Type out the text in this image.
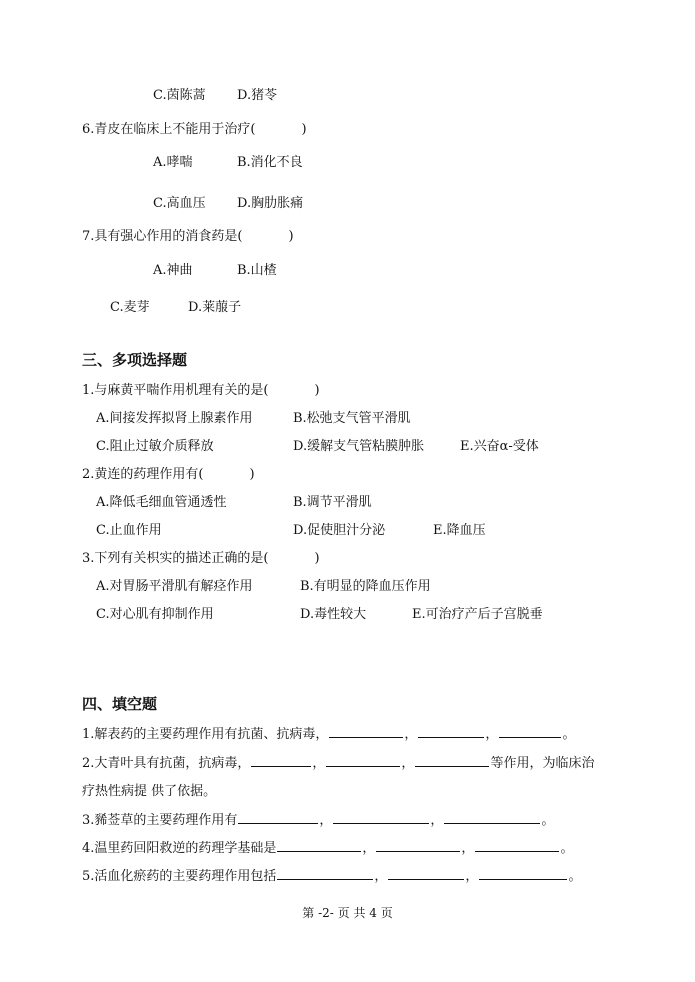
C.茵陈蒿 D.猪苓
6.青皮在临床上不能用于治疗(	)
A.哮喘	B.消化不良
C.高血压 D.胸肋胀痛
7.具有强心作用的消食药是(	)
A.神曲	B.山楂
C.麦芽	D.莱菔子
三、多项选择题
1.与麻黄平喘作用机理有关的是(	)
A.间接发挥拟肾上腺素作用	B.松弛支气管平滑肌
C.阻止过敏介质释放	D.缓解支气管粘膜肿胀	E.兴奋α-受体
2.黄连的药理作用有(	)
A.降低毛细血管通透性	B.调节平滑肌
C.止血作用	D.促使胆汁分泌	E.降血压
3.下列有关枳实的描述正确的是(	)
A.对胃肠平滑肌有解痉作用	B.有明显的降血压作用
C.对心肌有抑制作用	D.毒性较大	E.可治疗产后子宫脱垂
四、填空题
1.解表药的主要药理作用有抗菌、抗病毒，	，	，	。
2.大青叶具有抗菌，抗病毒，	，	，	等作用，为临床治
疗热性病提 供了依据。
3.豨莶草的主要药理作用有	，	，	。
4.温里药回阳救逆的药理学基础是	，	，	。
5.活血化瘀药的主要药理作用包括	，	，	。
第 -2- 页 共 4 页
